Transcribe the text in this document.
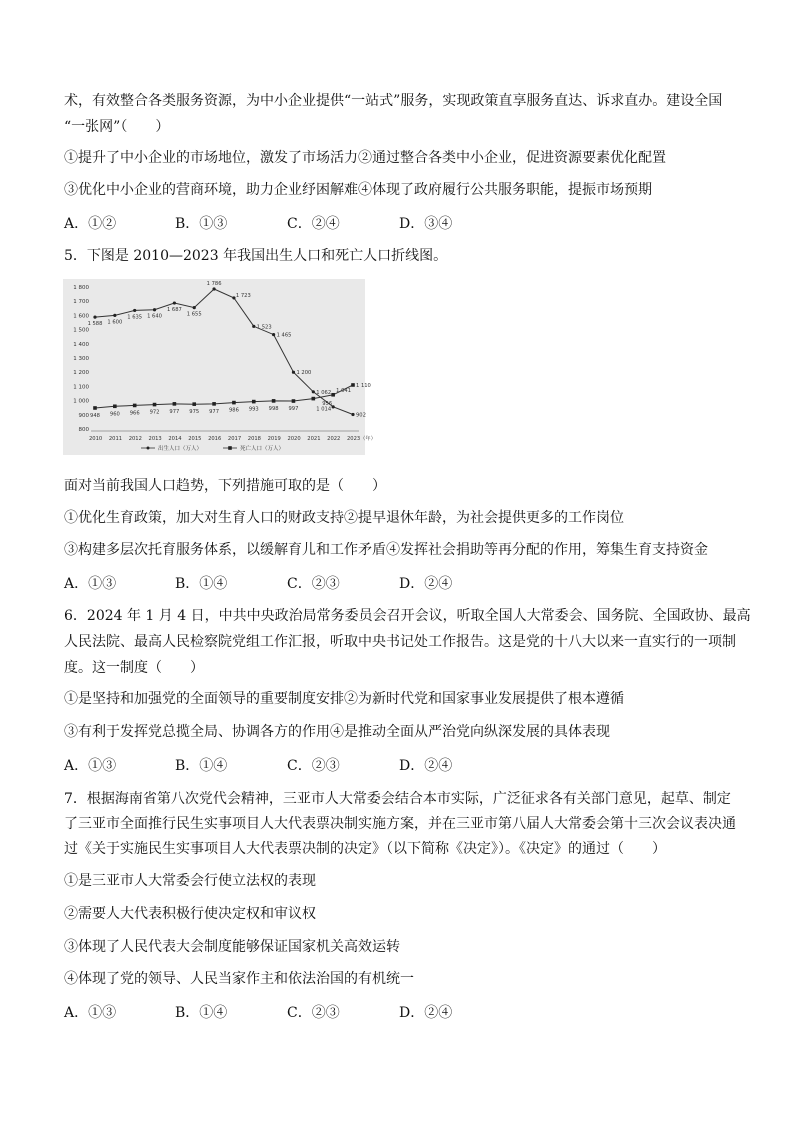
术，有效整合各类服务资源，为中小企业提供“一站式”服务，实现政策直享服务直达、诉求直办。建设全国
“一张网”（　　）
①提升了中小企业的市场地位，激发了市场活力②通过整合各类中小企业，促进资源要素优化配置
③优化中小企业的营商环境，助力企业纾困解难④体现了政府履行公共服务职能，提振市场预期
A．①②	B．①③	C．②④	D．③④
5．下图是 2010—2023 年我国出生人口和死亡人口折线图。
800
900
1 000
1 100
1 200
1 300
1 400
1 500
1 600
1 700
1 800
2010 2011 2012 2013 2014 2015 2016 2017 2018 2019 2020 2021 2022 2023（年）
1 588 1 600
1 635 1 640
1 687
1 655
1 786
1 723
1 523
1 465
1 200
1 062
956
902
948 960 966 972 977 975 977 986 993 998 997	1 014
1 041
1 110
出生人口（万人）	死亡人口（万人）
面对当前我国人口趋势，下列措施可取的是（　　）
①优化生育政策，加大对生育人口的财政支持②提早退休年龄，为社会提供更多的工作岗位
③构建多层次托育服务体系，以缓解育儿和工作矛盾④发挥社会捐助等再分配的作用，筹集生育支持资金
A．①③	B．①④	C．②③	D．②④
6．2024 年 1 月 4 日，中共中央政治局常务委员会召开会议，听取全国人大常委会、国务院、全国政协、最高
人民法院、最高人民检察院党组工作汇报，听取中央书记处工作报告。这是党的十八大以来一直实行的一项制
度。这一制度（　　）
①是坚持和加强党的全面领导的重要制度安排②为新时代党和国家事业发展提供了根本遵循
③有利于发挥党总揽全局、协调各方的作用④是推动全面从严治党向纵深发展的具体表现
A．①③	B．①④	C．②③	D．②④
7．根据海南省第八次党代会精神，三亚市人大常委会结合本市实际，广泛征求各有关部门意见，起草、制定
了三亚市全面推行民生实事项目人大代表票决制实施方案，并在三亚市第八届人大常委会第十三次会议表决通
过《关于实施民生实事项目人大代表票决制的决定》（以下简称《决定》）。《决定》的通过（　　）
①是三亚市人大常委会行使立法权的表现
②需要人大代表积极行使决定权和审议权
③体现了人民代表大会制度能够保证国家机关高效运转
④体现了党的领导、人民当家作主和依法治国的有机统一
A．①③	B．①④	C．②③	D．②④
